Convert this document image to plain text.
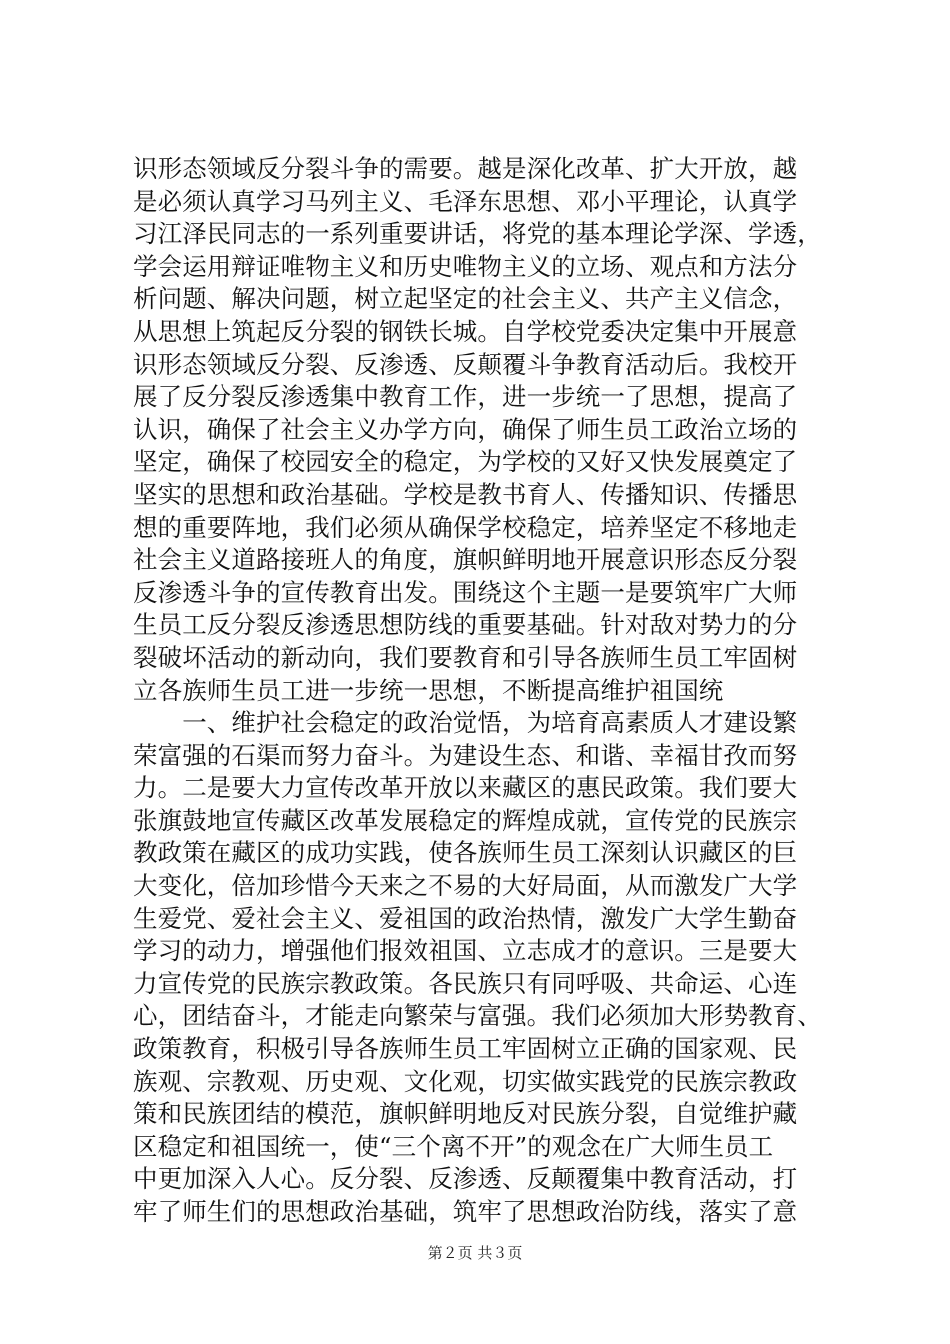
识形态领域反分裂斗争的需要。越是深化改革、扩大开放，越
是必须认真学习马列主义、毛泽东思想、邓小平理论，认真学
习江泽民同志的一系列重要讲话，将党的基本理论学深、学透，
学会运用辩证唯物主义和历史唯物主义的立场、观点和方法分
析问题、解决问题，树立起坚定的社会主义、共产主义信念，
从思想上筑起反分裂的钢铁长城。自学校党委决定集中开展意
识形态领域反分裂、反渗透、反颠覆斗争教育活动后。我校开
展了反分裂反渗透集中教育工作，进一步统一了思想，提高了
认识，确保了社会主义办学方向，确保了师生员工政治立场的
坚定，确保了校园安全的稳定，为学校的又好又快发展奠定了
坚实的思想和政治基础。学校是教书育人、传播知识、传播思
想的重要阵地，我们必须从确保学校稳定，培养坚定不移地走
社会主义道路接班人的角度，旗帜鲜明地开展意识形态反分裂
反渗透斗争的宣传教育出发。围绕这个主题一是要筑牢广大师
生员工反分裂反渗透思想防线的重要基础。针对敌对势力的分
裂破坏活动的新动向，我们要教育和引导各族师生员工牢固树
立各族师生员工进一步统一思想，不断提高维护祖国统
　　一、维护社会稳定的政治觉悟，为培育高素质人才建设繁
荣富强的石渠而努力奋斗。为建设生态、和谐、幸福甘孜而努
力。二是要大力宣传改革开放以来藏区的惠民政策。我们要大
张旗鼓地宣传藏区改革发展稳定的辉煌成就，宣传党的民族宗
教政策在藏区的成功实践，使各族师生员工深刻认识藏区的巨
大变化，倍加珍惜今天来之不易的大好局面，从而激发广大学
生爱党、爱社会主义、爱祖国的政治热情，激发广大学生勤奋
学习的动力，增强他们报效祖国、立志成才的意识。三是要大
力宣传党的民族宗教政策。各民族只有同呼吸、共命运、心连
心，团结奋斗，才能走向繁荣与富强。我们必须加大形势教育、
政策教育，积极引导各族师生员工牢固树立正确的国家观、民
族观、宗教观、历史观、文化观，切实做实践党的民族宗教政
策和民族团结的模范，旗帜鲜明地反对民族分裂，自觉维护藏
区稳定和祖国统一，使“三个离不开”的观念在广大师生员工
中更加深入人心。反分裂、反渗透、反颠覆集中教育活动，打
牢了师生们的思想政治基础，筑牢了思想政治防线，落实了意
第２页 共３页
